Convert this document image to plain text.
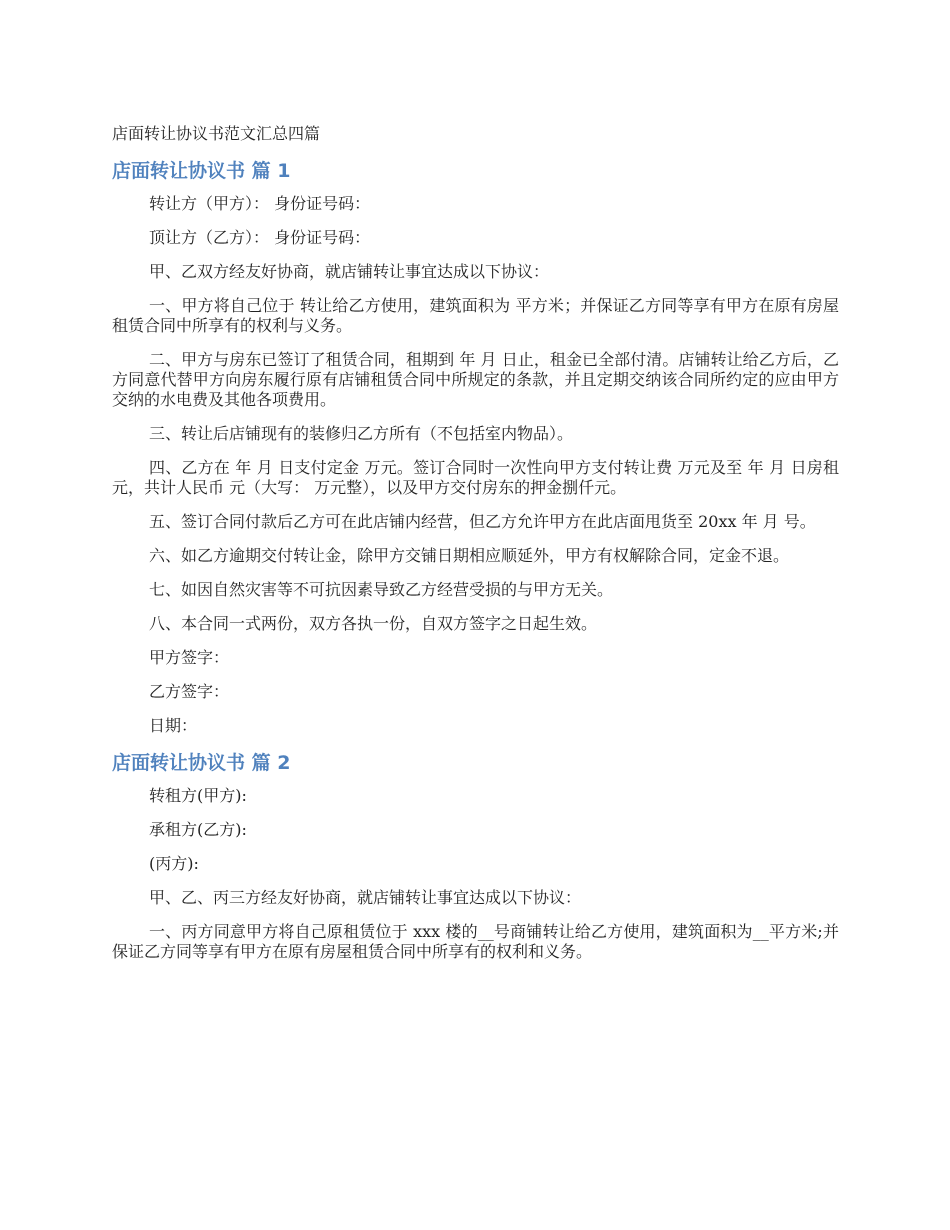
店面转让协议书范文汇总四篇
店面转让协议书 篇 1

转让方（甲方）： 身份证号码：

顶让方（乙方）： 身份证号码：

甲、乙双方经友好协商，就店铺转让事宜达成以下协议：

一、甲方将自己位于 转让给乙方使用，建筑面积为 平方米；并保证乙方同等享有甲方在原有房屋租赁合同中所享有的权利与义务。

二、甲方与房东已签订了租赁合同，租期到 年 月 日止，租金已全部付清。店铺转让给乙方后，乙方同意代替甲方向房东履行原有店铺租赁合同中所规定的条款，并且定期交纳该合同所约定的应由甲方交纳的水电费及其他各项费用。

三、转让后店铺现有的装修归乙方所有（不包括室内物品）。

四、乙方在 年 月 日支付定金 万元。签订合同时一次性向甲方支付转让费 万元及至 年 月 日房租 元，共计人民币 元（大写： 万元整），以及甲方交付房东的押金捌仟元。

五、签订合同付款后乙方可在此店铺内经营，但乙方允许甲方在此店面甩货至 20xx 年 月 号。

六、如乙方逾期交付转让金，除甲方交铺日期相应顺延外，甲方有权解除合同，定金不退。

七、如因自然灾害等不可抗因素导致乙方经营受损的与甲方无关。

八、本合同一式两份，双方各执一份，自双方签字之日起生效。

甲方签字：

乙方签字：

日期：

店面转让协议书 篇 2

转租方(甲方):

承租方(乙方):

(丙方):

甲、乙、丙三方经友好协商，就店铺转让事宜达成以下协议：

一、丙方同意甲方将自己原租赁位于 xxx 楼的__号商铺转让给乙方使用，建筑面积为__平方米;并保证乙方同等享有甲方在原有房屋租赁合同中所享有的权利和义务。
